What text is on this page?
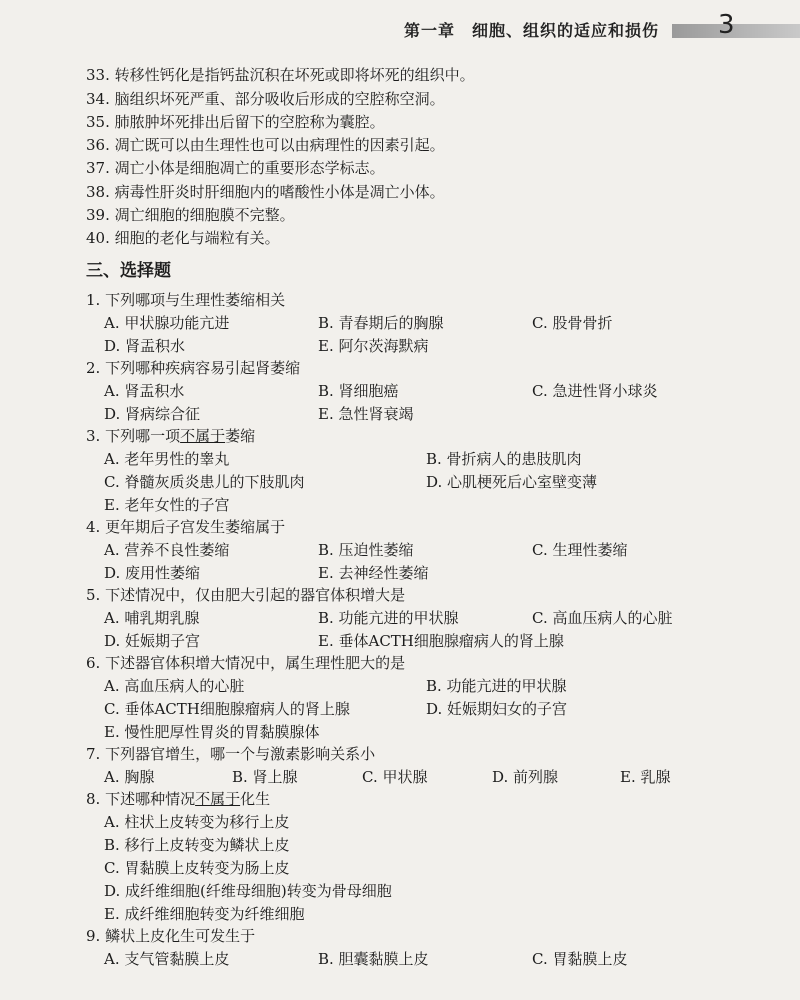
第一章　细胞、组织的适应和损伤 3
33. 转移性钙化是指钙盐沉积在坏死或即将坏死的组织中。
34. 脑组织坏死严重、部分吸收后形成的空腔称空洞。
35. 肺脓肿坏死排出后留下的空腔称为囊腔。
36. 凋亡既可以由生理性也可以由病理性的因素引起。
37. 凋亡小体是细胞凋亡的重要形态学标志。
38. 病毒性肝炎时肝细胞内的嗜酸性小体是凋亡小体。
39. 凋亡细胞的细胞膜不完整。
40. 细胞的老化与端粒有关。
三、选择题
1. 下列哪项与生理性萎缩相关
A. 甲状腺功能亢进	B. 青春期后的胸腺	C. 股骨骨折
D. 肾盂积水	E. 阿尔茨海默病
2. 下列哪种疾病容易引起肾萎缩
A. 肾盂积水	B. 肾细胞癌	C. 急进性肾小球炎
D. 肾病综合征	E. 急性肾衰竭
3. 下列哪一项不属于萎缩
A. 老年男性的睾丸	B. 骨折病人的患肢肌肉
C. 脊髓灰质炎患儿的下肢肌肉	D. 心肌梗死后心室壁变薄
E. 老年女性的子宫
4. 更年期后子宫发生萎缩属于
A. 营养不良性萎缩	B. 压迫性萎缩	C. 生理性萎缩
D. 废用性萎缩	E. 去神经性萎缩
5. 下述情况中，仅由肥大引起的器官体积增大是
A. 哺乳期乳腺	B. 功能亢进的甲状腺	C. 高血压病人的心脏
D. 妊娠期子宫	E. 垂体ACTH细胞腺瘤病人的肾上腺
6. 下述器官体积增大情况中，属生理性肥大的是
A. 高血压病人的心脏	B. 功能亢进的甲状腺
C. 垂体ACTH细胞腺瘤病人的肾上腺	D. 妊娠期妇女的子宫
E. 慢性肥厚性胃炎的胃黏膜腺体
7. 下列器官增生，哪一个与激素影响关系小
A. 胸腺	B. 肾上腺	C. 甲状腺	D. 前列腺	E. 乳腺
8. 下述哪种情况不属于化生
A. 柱状上皮转变为移行上皮
B. 移行上皮转变为鳞状上皮
C. 胃黏膜上皮转变为肠上皮
D. 成纤维细胞(纤维母细胞)转变为骨母细胞
E. 成纤维细胞转变为纤维细胞
9. 鳞状上皮化生可发生于
A. 支气管黏膜上皮	B. 胆囊黏膜上皮	C. 胃黏膜上皮
